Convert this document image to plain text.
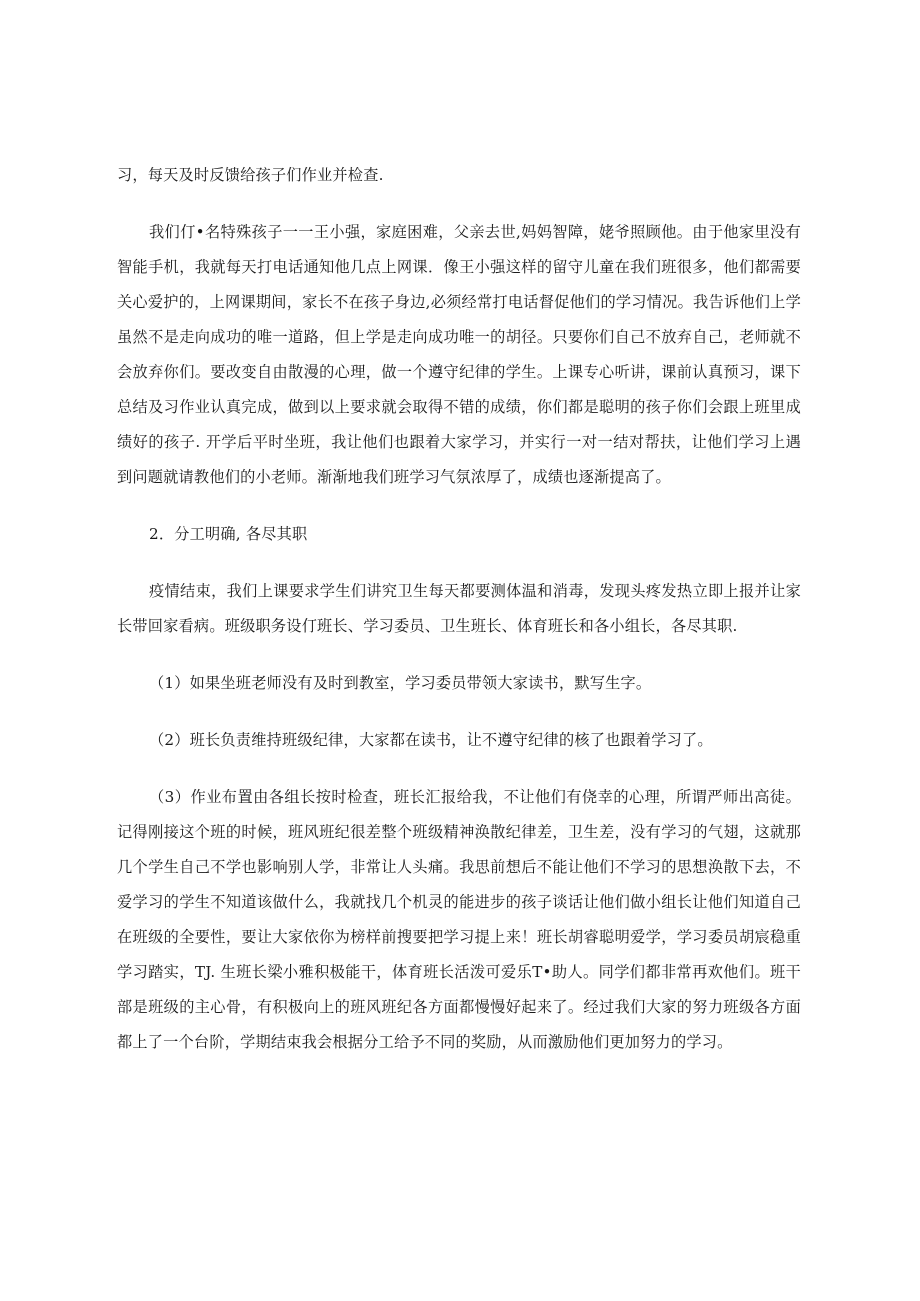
习，每天及时反馈给孩子们作业并检查.

我们仃•名特殊孩子一一王小强，家庭困难，父亲去世,妈妈智障，姥爷照顾他。由于他家里没有智能手机，我就每天打电话通知他几点上网课．像王小强这样的留守儿童在我们班很多，他们都需要关心爱护的，上网课期间，家长不在孩子身边,必须经常打电话督促他们的学习情况。我告诉他们上学虽然不是走向成功的唯一道路，但上学是走向成功唯一的胡径。只要你们自己不放弃自己，老师就不会放弃你们。要改变自由散漫的心理，做一个遵守纪律的学生。上课专心听讲，课前认真预习，课下总结及习作业认真完成，做到以上要求就会取得不错的成绩，你们都是聪明的孩子你们会跟上班里成绩好的孩子. 开学后平时坐班，我让他们也跟着大家学习，并实行一对一结对帮扶，让他们学习上遇到问题就请教他们的小老师。渐渐地我们班学习气氛浓厚了，成绩也逐渐提高了。

2．分工明确, 各尽其职

疫情结束，我们上课要求学生们讲究卫生每天都要测体温和消毒，发现头疼发热立即上报并让家长带回家看病。班级职务设仃班长、学习委员、卫生班长、体育班长和各小组长，各尽其职.

（1）如果坐班老师没有及时到教室，学习委员带领大家读书，默写生字。

（2）班长负责维持班级纪律，大家都在读书，让不遵守纪律的核了也跟着学习了。

（3）作业布置由各组长按时检查，班长汇报给我，不让他们有侥幸的心理，所谓严师出高徒。记得刚接这个班的时候，班风班纪很差整个班级精神涣散纪律差，卫生差，没有学习的气翅，这就那几个学生自己不学也影响别人学，非常让人头痛。我思前想后不能让他们不学习的思想涣散下去，不爱学习的学生不知道该做什么，我就找几个机灵的能进步的孩子谈话让他们做小组长让他们知道自己在班级的全要性，要让大家依你为榜样前搜要把学习提上来！班长胡睿聪明爱学，学习委员胡宸稳重学习踏实，TJ. 生班长梁小雅积极能干，体育班长活泼可爱乐T•助人。同学们都非常再欢他们。班干部是班级的主心骨，有积极向上的班风班纪各方面都慢慢好起来了。经过我们大家的努力班级各方面都上了一个台阶，学期结束我会根据分工给予不同的奖励，从而激励他们更加努力的学习。
